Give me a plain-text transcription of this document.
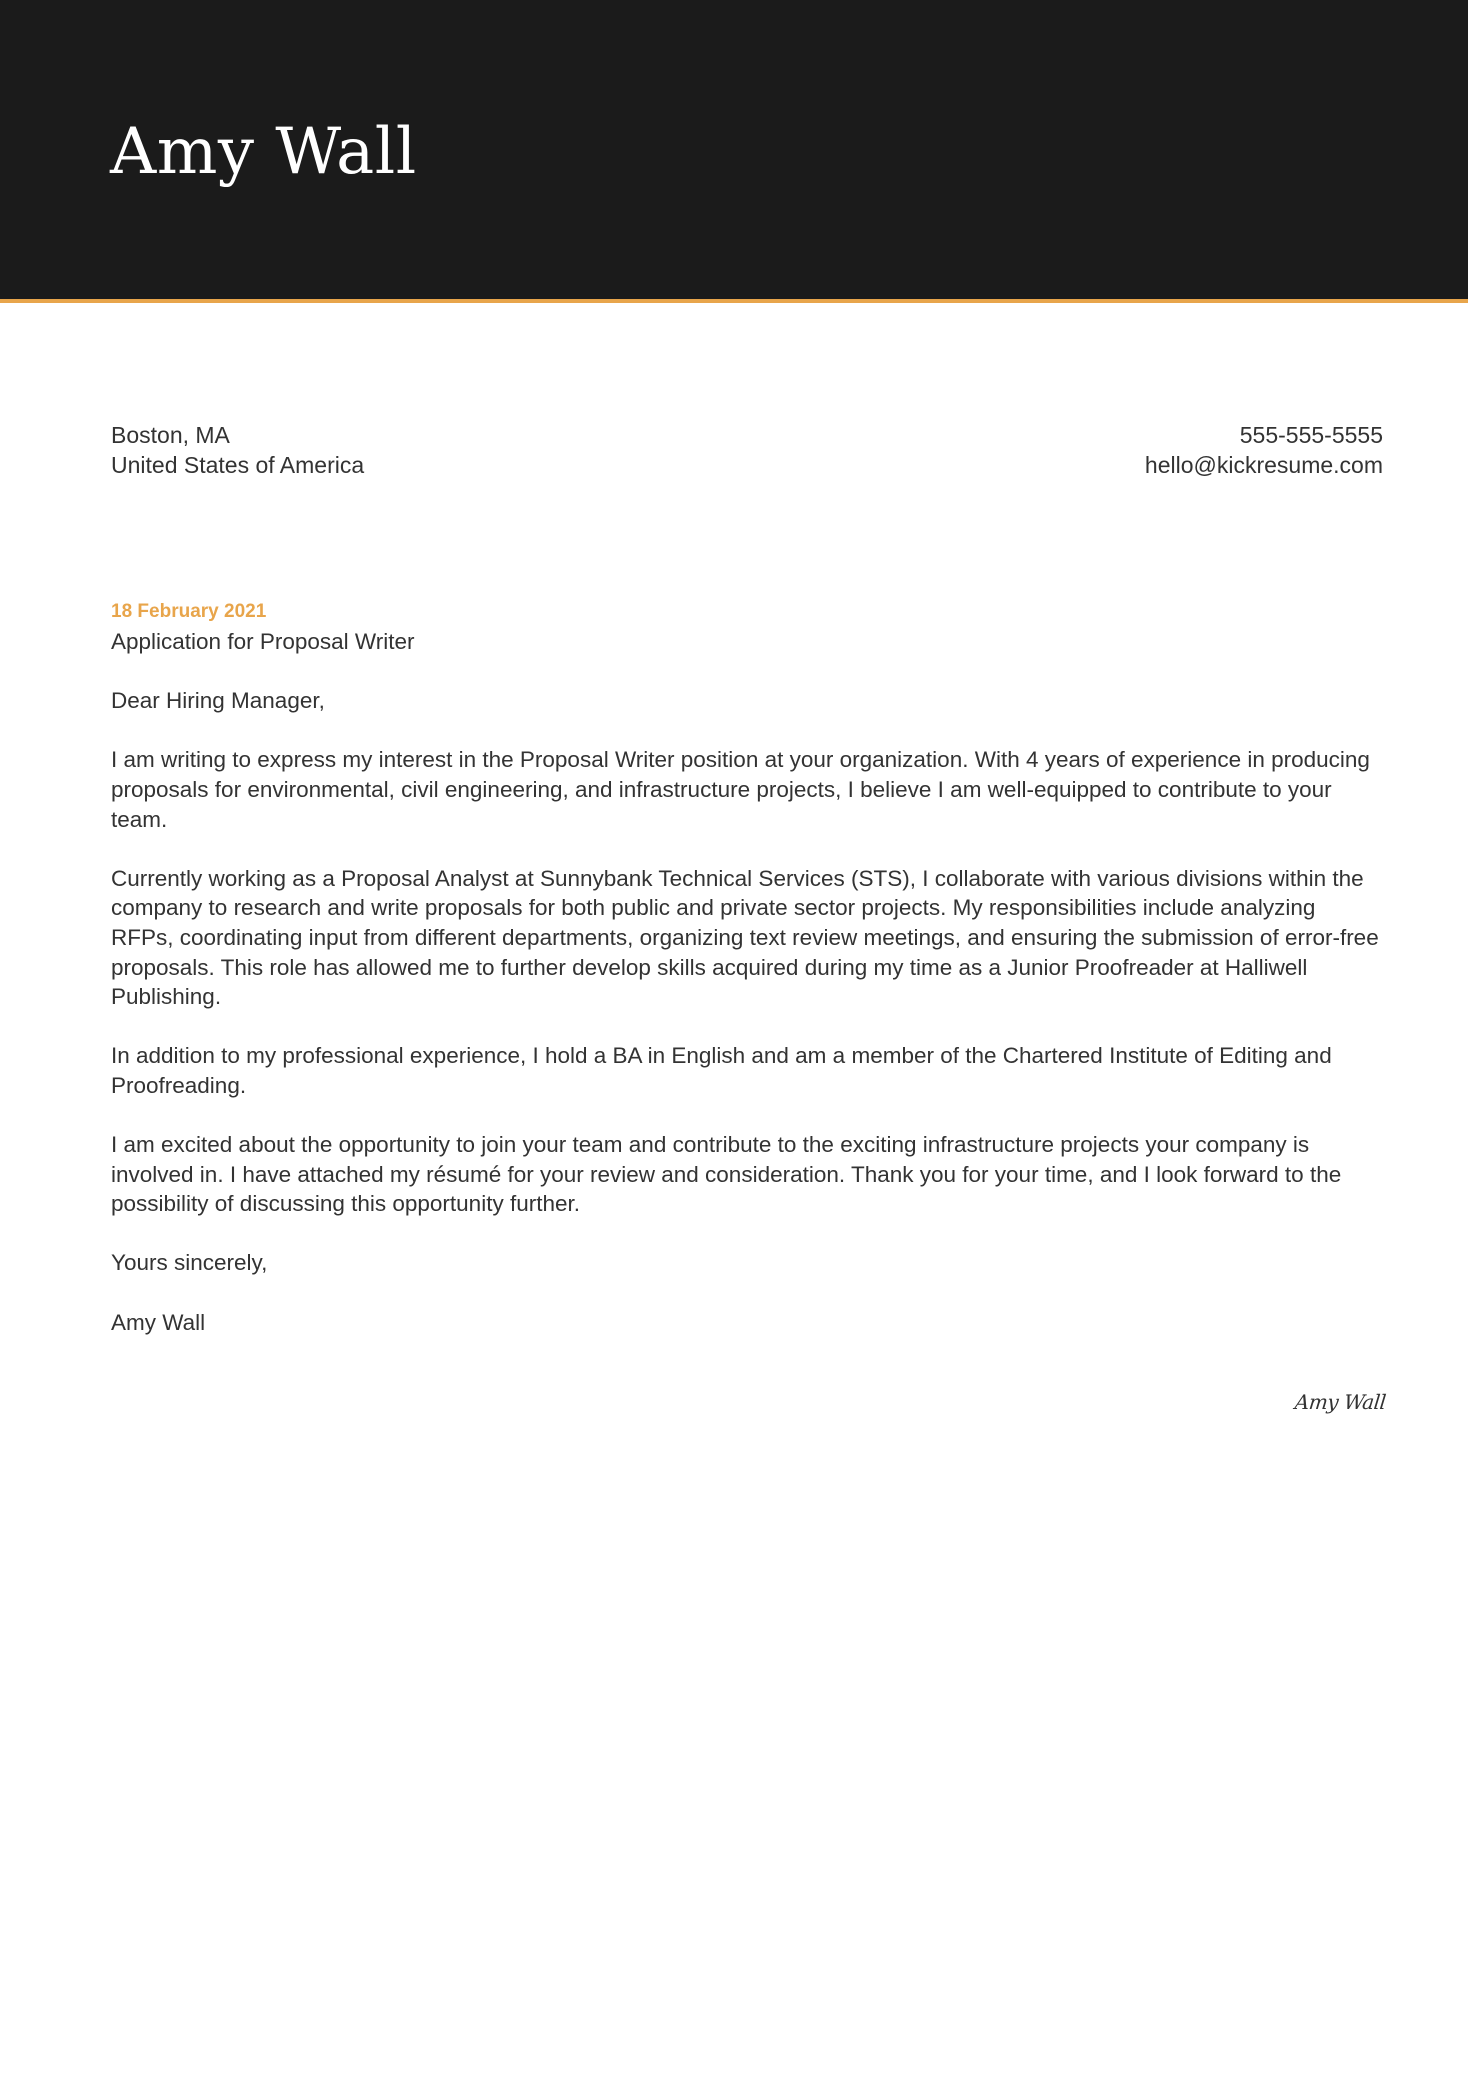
Amy Wall
Boston, MA
United States of America
555-555-5555
hello@kickresume.com
18 February 2021

Application for Proposal Writer

Dear Hiring Manager,

I am writing to express my interest in the Proposal Writer position at your organization. With 4 years of experience in producing proposals for environmental, civil engineering, and infrastructure projects, I believe I am well-equipped to contribute to your team.

Currently working as a Proposal Analyst at Sunnybank Technical Services (STS), I collaborate with various divisions within the company to research and write proposals for both public and private sector projects. My responsibilities include analyzing RFPs, coordinating input from different departments, organizing text review meetings, and ensuring the submission of error-free proposals. This role has allowed me to further develop skills acquired during my time as a Junior Proofreader at Halliwell Publishing.

In addition to my professional experience, I hold a BA in English and am a member of the Chartered Institute of Editing and Proofreading.

I am excited about the opportunity to join your team and contribute to the exciting infrastructure projects your company is involved in. I have attached my résumé for your review and consideration. Thank you for your time, and I look forward to the possibility of discussing this opportunity further.

Yours sincerely,

Amy Wall

Amy Wall
